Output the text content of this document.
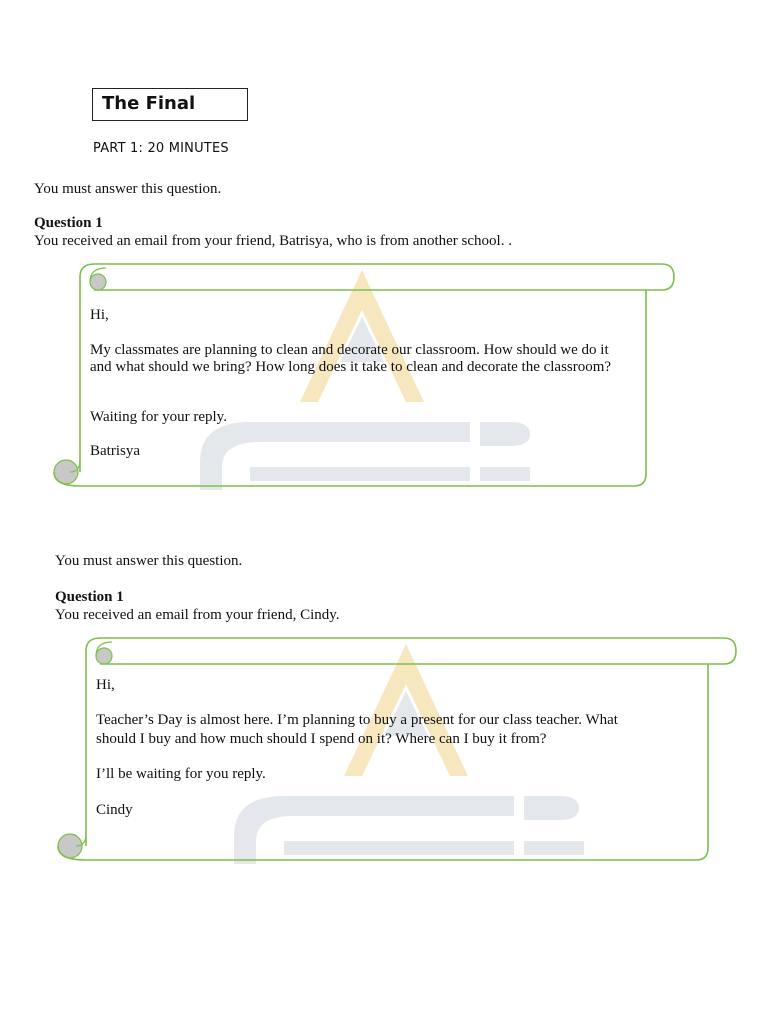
The Final
PART 1: 20 MINUTES
You must answer this question.
Question 1
You received an email from your friend, Batrisya, who is from another school. .
Hi,
My classmates are planning to clean and decorate our classroom. How should we do it
and what should we bring? How long does it take to clean and decorate the classroom?
Waiting for your reply.
Batrisya
You must answer this question.
Question 1
You received an email from your friend, Cindy.
Hi,
Teacher’s Day is almost here. I’m planning to buy a present for our class teacher. What
should I buy and how much should I spend on it? Where can I buy it from?
I’ll be waiting for you reply.
Cindy
